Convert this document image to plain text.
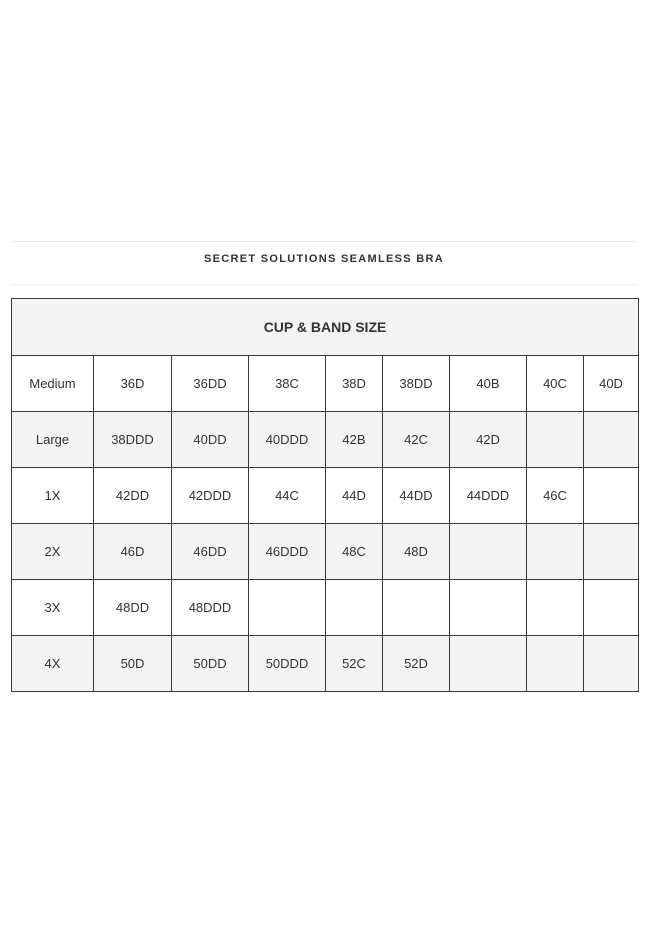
SECRET SOLUTIONS SEAMLESS BRA
CUP & BAND SIZE								
Medium	36D	36DD	38C	38D	38DD	40B	40C	40D
Large	38DDD	40DD	40DDD	42B	42C	42D		
1X	42DD	42DDD	44C	44D	44DD	44DDD	46C	
2X	46D	46DD	46DDD	48C	48D			
3X	48DD	48DDD						
4X	50D	50DD	50DDD	52C	52D			
